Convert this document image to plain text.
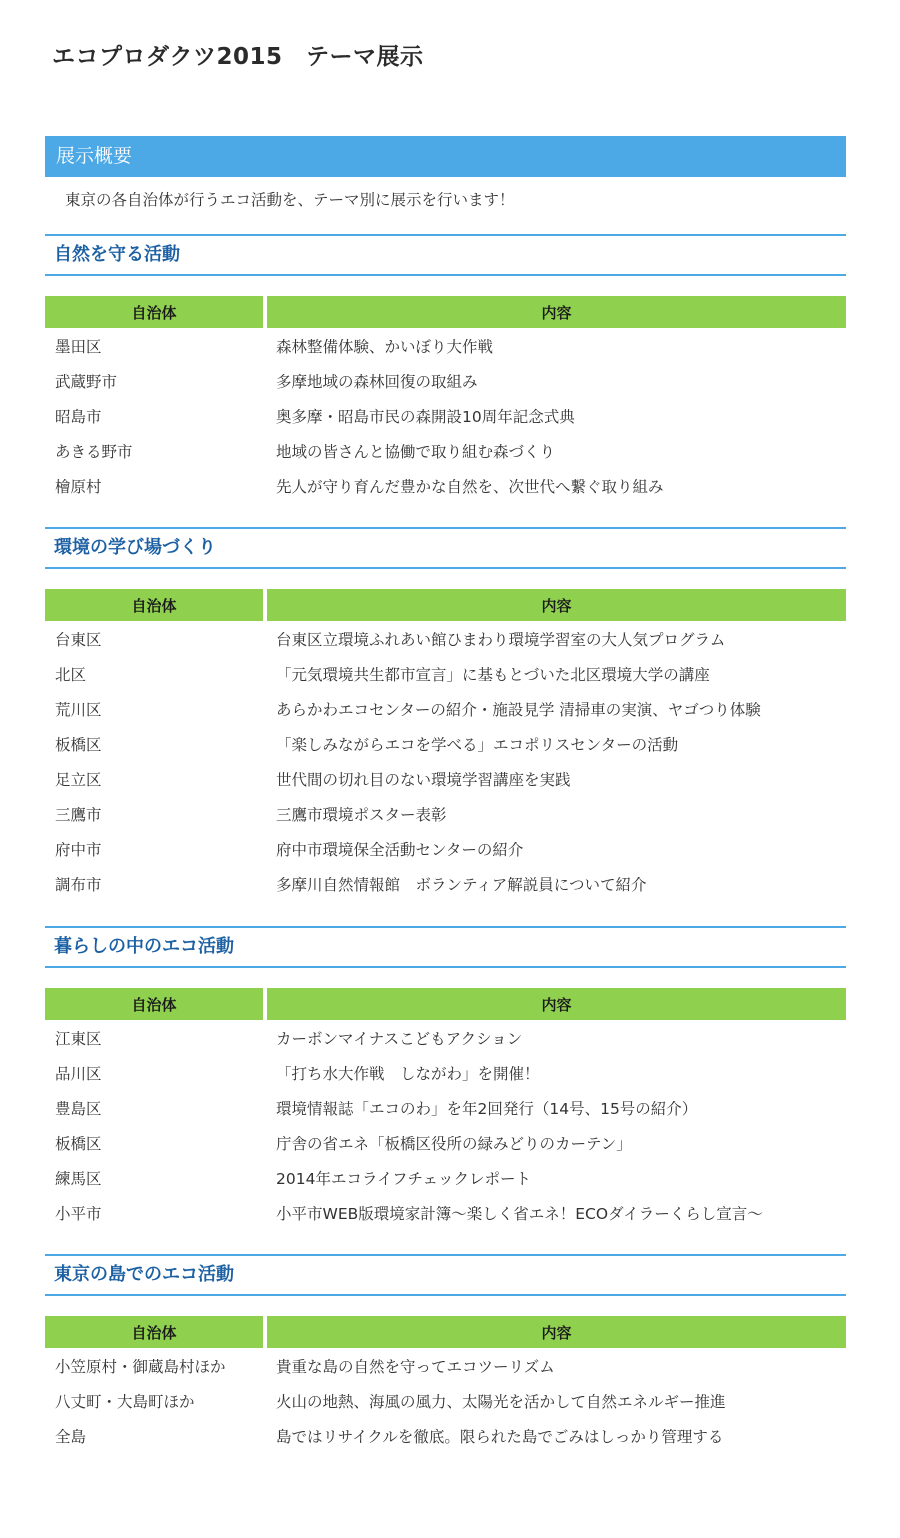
エコプロダクツ2015　テーマ展示
展示概要
東京の各自治体が行うエコ活動を、テーマ別に展示を行います！
自然を守る活動
自治体	内容
墨田区	森林整備体験、かいぼり大作戦
武蔵野市	多摩地域の森林回復の取組み
昭島市	奥多摩・昭島市民の森開設10周年記念式典
あきる野市	地域の皆さんと協働で取り組む森づくり
檜原村	先人が守り育んだ豊かな自然を、次世代へ繋ぐ取り組み
環境の学び場づくり
自治体	内容
台東区	台東区立環境ふれあい館ひまわり環境学習室の大人気プログラム
北区	「元気環境共生都市宣言」に基もとづいた北区環境大学の講座
荒川区	あらかわエコセンターの紹介・施設見学 清掃車の実演、ヤゴつり体験
板橋区	「楽しみながらエコを学べる」エコポリスセンターの活動
足立区	世代間の切れ目のない環境学習講座を実践
三鷹市	三鷹市環境ポスター表彰
府中市	府中市環境保全活動センターの紹介
調布市	多摩川自然情報館　ボランティア解説員について紹介
暮らしの中のエコ活動
自治体	内容
江東区	カーボンマイナスこどもアクション
品川区	「打ち水大作戦　しながわ」を開催！
豊島区	環境情報誌「エコのわ」を年2回発行（14号、15号の紹介）
板橋区	庁舎の省エネ「板橋区役所の緑みどりのカーテン」
練馬区	2014年エコライフチェックレポート
小平市	小平市WEB版環境家計簿～楽しく省エネ！ECOダイラーくらし宣言～
東京の島でのエコ活動
自治体	内容
小笠原村・御蔵島村ほか	貴重な島の自然を守ってエコツーリズム
八丈町・大島町ほか	火山の地熱、海風の風力、太陽光を活かして自然エネルギー推進
全島	島ではリサイクルを徹底。限られた島でごみはしっかり管理する
